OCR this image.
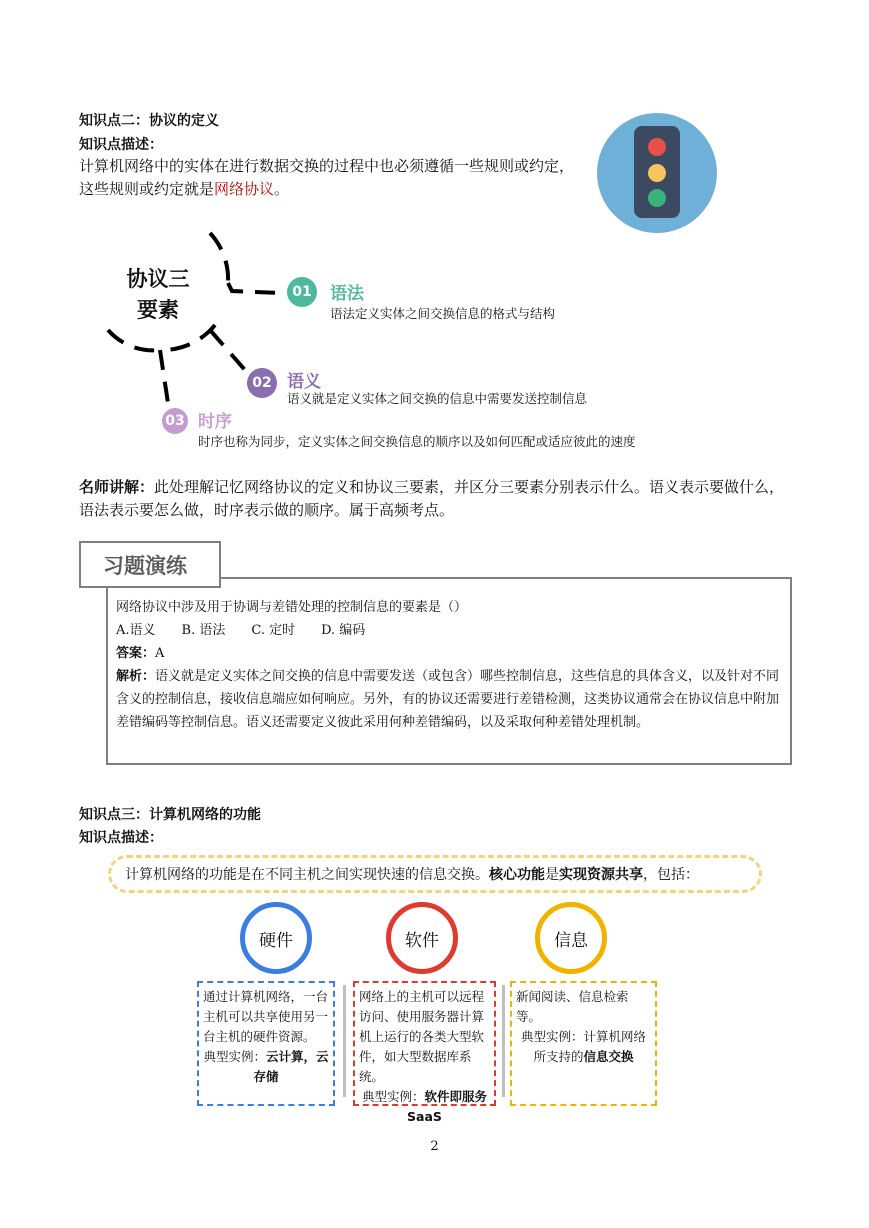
知识点二：协议的定义
知识点描述：
计算机网络中的实体在进行数据交换的过程中也必须遵循一些规则或约定，这些规则或约定就是网络协议。
协议三
要素
01	语法
语法定义实体之间交换信息的格式与结构
02 语义
语义就是定义实体之间交换的信息中需要发送控制信息
03 时序
时序也称为同步，定义实体之间交换信息的顺序以及如何匹配或适应彼此的速度
名师讲解：此处理解记忆网络协议的定义和协议三要素，并区分三要素分别表示什么。语义表示要做什么，语法表示要怎么做，时序表示做的顺序。属于高频考点。
习题演练
网络协议中涉及用于协调与差错处理的控制信息的要素是（）
A.语义　　B. 语法　　C. 定时　　D. 编码
答案：A
解析：语义就是定义实体之间交换的信息中需要发送（或包含）哪些控制信息，这些信息的具体含义，以及针对不同含义的控制信息，接收信息端应如何响应。另外，有的协议还需要进行差错检测，这类协议通常会在协议信息中附加差错编码等控制信息。语义还需要定义彼此采用何种差错编码，以及采取何种差错处理机制。
知识点三：计算机网络的功能
知识点描述：
计算机网络的功能是在不同主机之间实现快速的信息交换。 核心功能 是 实现资源共享 ，包括：
硬件	软件	信息
通过计算机网络，一台主机可以共享使用另一台主机的硬件资源。
典型实例：云计算，云存储
网络上的主机可以远程访问、使用服务器计算机上运行的各类大型软件，如大型数据库系统。
典型实例：软件即服务SaaS
新闻阅读、信息检索等。
典型实例：计算机网络所支持的信息交换
2
